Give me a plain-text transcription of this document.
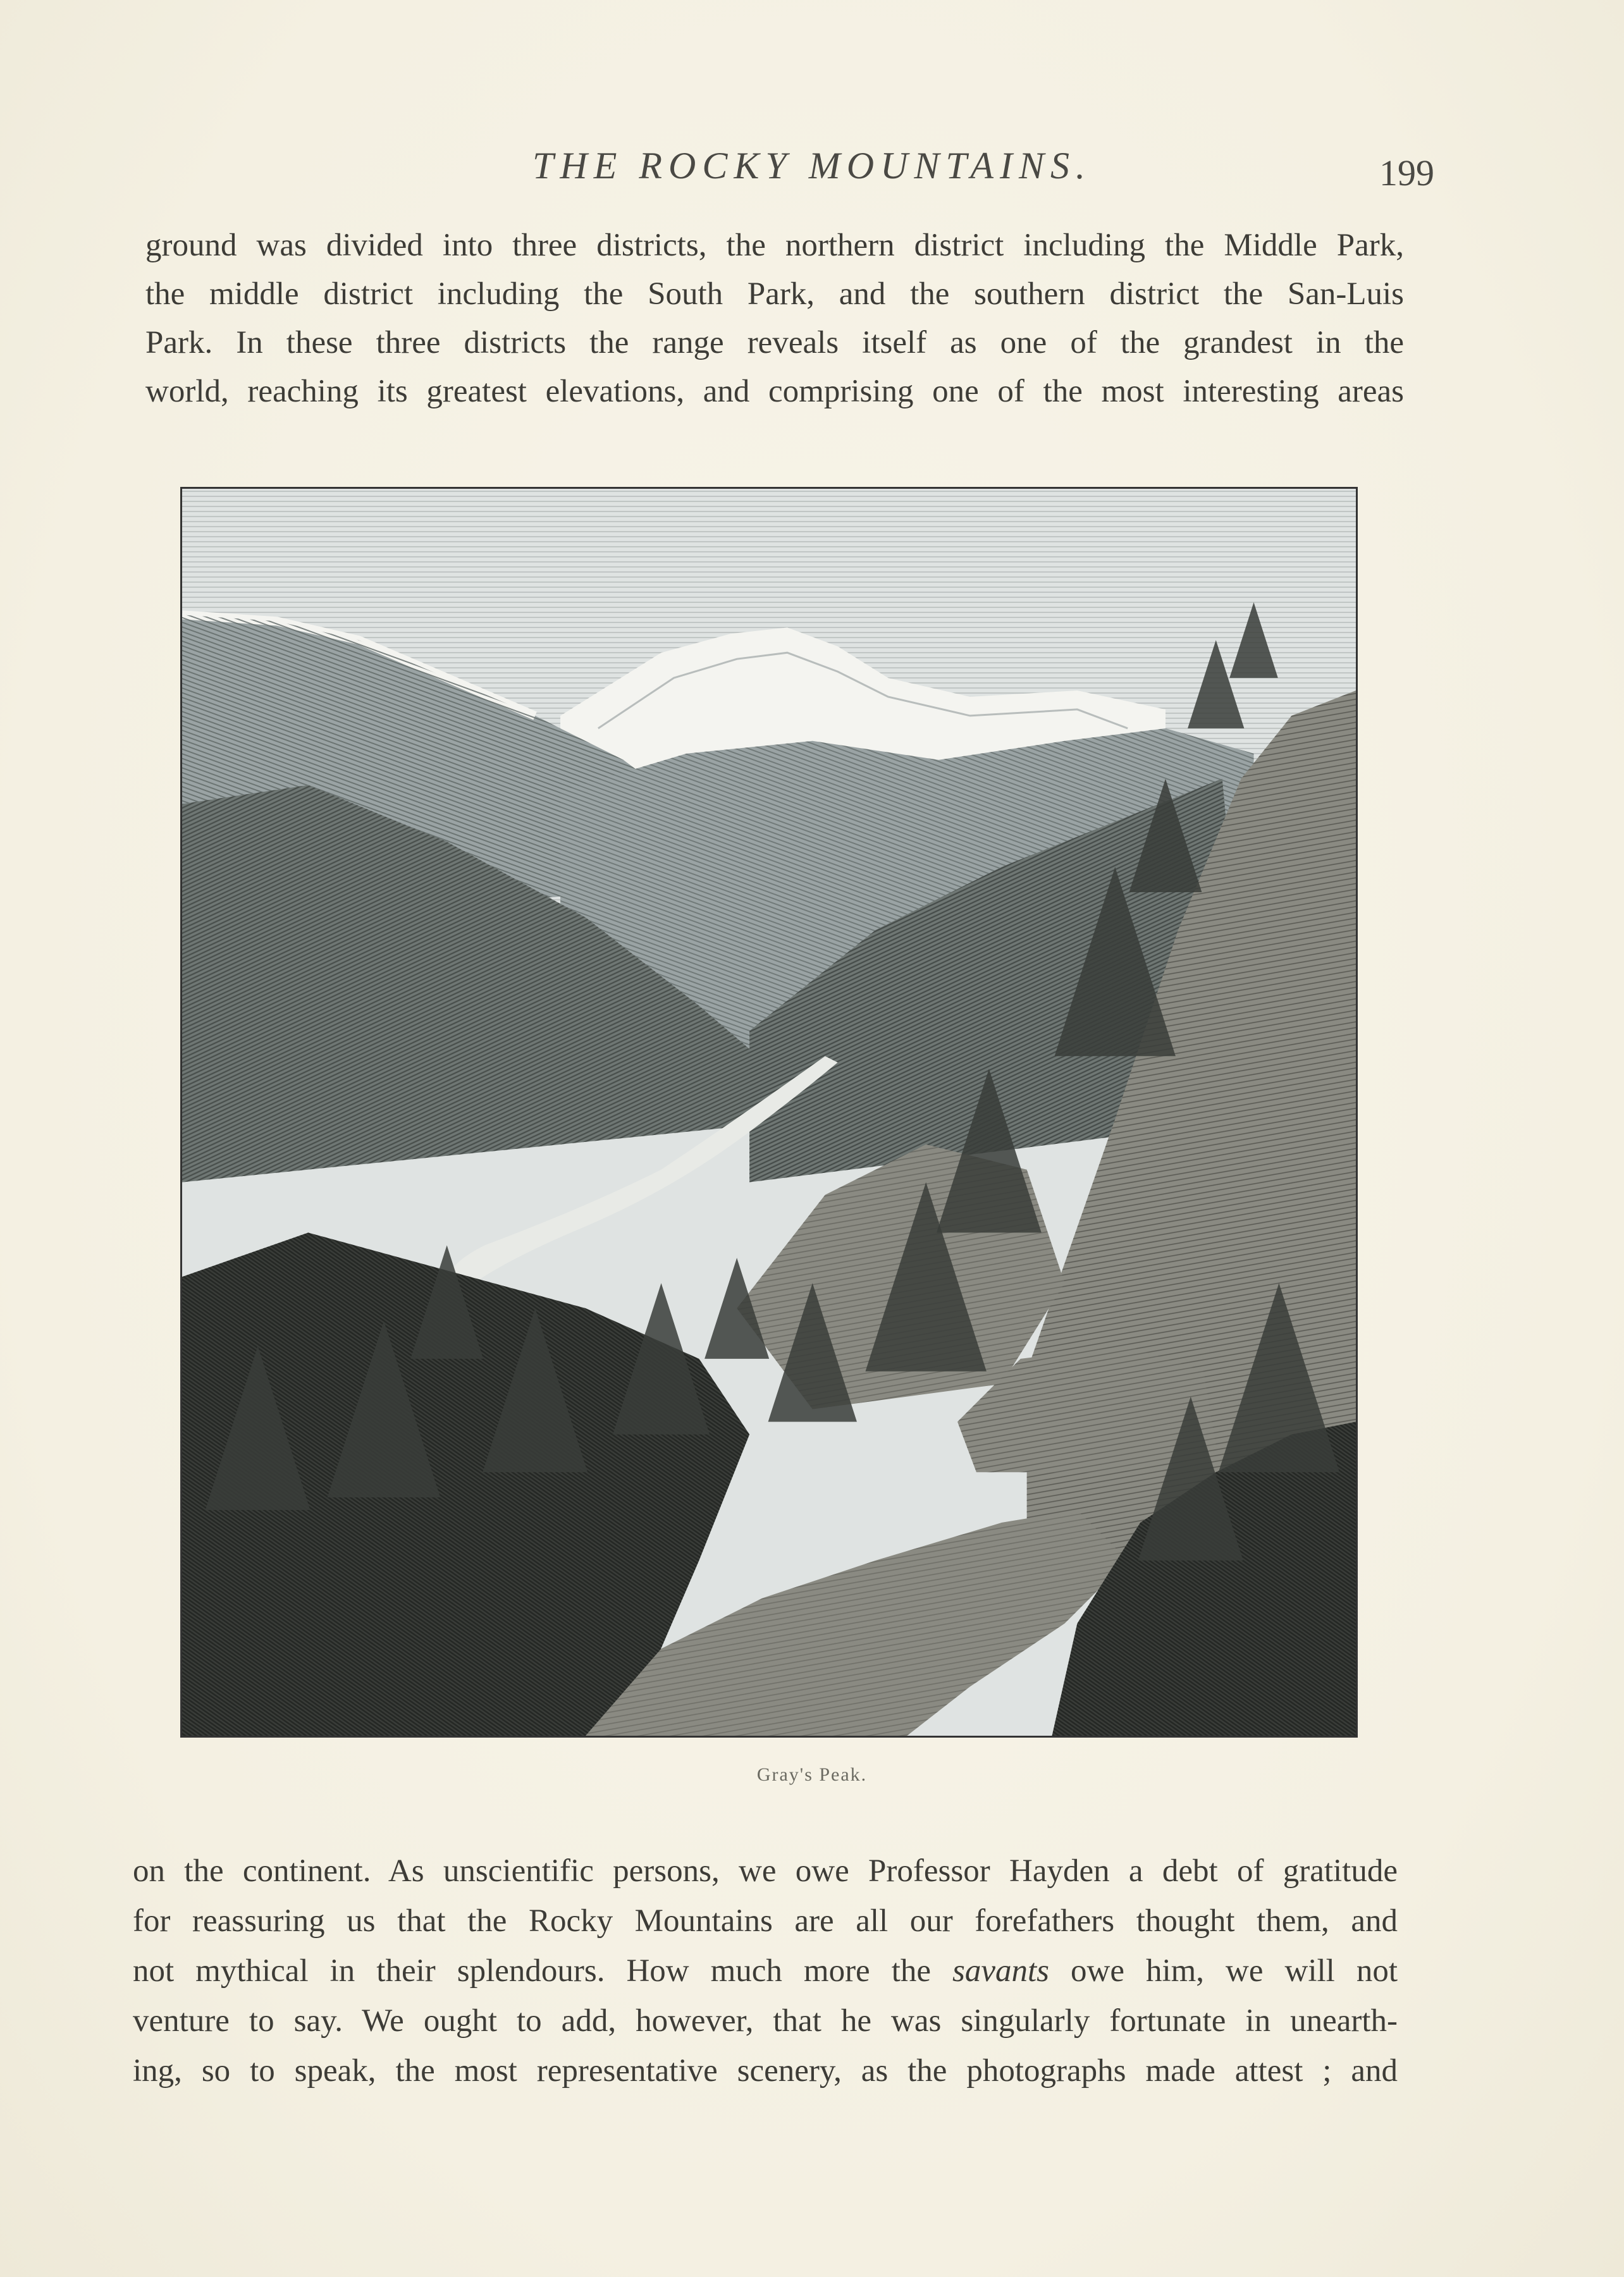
THE ROCKY MOUNTAINS.	199
ground was divided into three districts, the northern district including the Middle Park,
the middle district including the South Park, and the southern district the San-Luis
Park. In these three districts the range reveals itself as one of the grandest in the
world, reaching its greatest elevations, and comprising one of the most interesting areas
Gray's Peak.
on the continent. As unscientific persons, we owe Professor Hayden a debt of gratitude
for reassuring us that the Rocky Mountains are all our forefathers thought them, and
not mythical in their splendours. How much more the savants owe him, we will not
venture to say. We ought to add, however, that he was singularly fortunate in unearth-
ing, so to speak, the most representative scenery, as the photographs made attest ; and
